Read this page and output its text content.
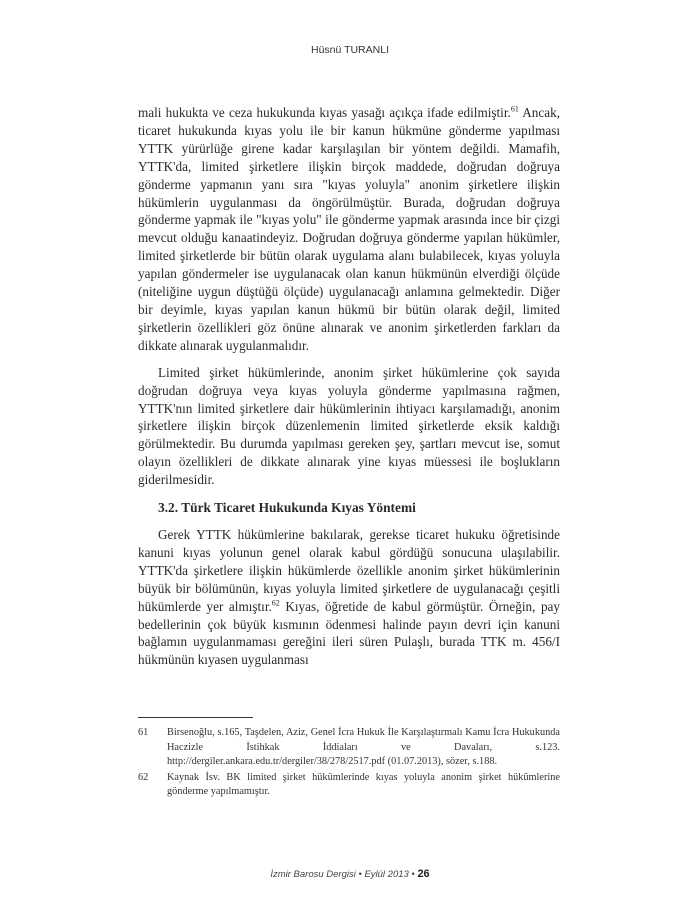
Hüsnü TURANLI

mali hukukta ve ceza hukukunda kıyas yasağı açıkça ifade edilmiştir.$^{61}$ Ancak, ticaret hukukunda kıyas yolu ile bir kanun hükmüne gönderme yapılması YTTK yürürlüğe girene kadar karşılaşılan bir yöntem değildi. Mamafih, YTTK'da, limited şirketlere ilişkin birçok maddede, doğrudan doğruya gönderme yapmanın yanı sıra "kıyas yoluyla" anonim şirketlere ilişkin hükümlerin uygulanması da öngörülmüştür. Burada, doğrudan doğruya gönderme yapmak ile "kıyas yolu" ile gönderme yapmak arasında ince bir çizgi mevcut olduğu kanaatindeyiz. Doğrudan doğruya gönderme yapılan hükümler, limited şirketlerde bir bütün olarak uygulama alanı bulabilecek, kıyas yoluyla yapılan göndermeler ise uygulanacak olan kanun hükmünün elverdiği ölçüde (niteliğine uygun düştüğü ölçüde) uygulanacağı anlamına gelmektedir. Diğer bir deyimle, kıyas yapılan kanun hükmü bir bütün olarak değil, limited şirketlerin özellikleri göz önüne alınarak ve anonim şirketlerden farkları da dikkate alınarak uygulanmalıdır.

Limited şirket hükümlerinde, anonim şirket hükümlerine çok sayıda doğrudan doğruya veya kıyas yoluyla gönderme yapılmasına rağmen, YTTK'nın limited şirketlere dair hükümlerinin ihtiyacı karşılamadığı, anonim şirketlere ilişkin birçok düzenlemenin limited şirketlerde eksik kaldığı görülmektedir. Bu durumda yapılması gereken şey, şartları mevcut ise, somut olayın özellikleri de dikkate alınarak yine kıyas müessesi ile boşlukların giderilmesidir.

3.2. Türk Ticaret Hukukunda Kıyas Yöntemi

Gerek YTTK hükümlerine bakılarak, gerekse ticaret hukuku öğretisinde kanuni kıyas yolunun genel olarak kabul gördüğü sonucuna ulaşılabilir. YTTK'da şirketlere ilişkin hükümlerde özellikle anonim şirket hükümlerinin büyük bir bölümünün, kıyas yoluyla limited şirketlere de uygulanacağı çeşitli hükümlerde yer almıştır.$^{62}$ Kıyas, öğretide de kabul görmüştür. Örneğin, pay bedellerinin çok büyük kısmının ödenmesi halinde payın devri için kanuni bağlamın uygulanmaması gereğini ileri süren Pulaşlı, burada TTK m. 456/I hükmünün kıyasen uygulanması

61	Birsenoğlu, s.165, Taşdelen, Aziz, Genel İcra Hukuk İle Karşılaştırmalı Kamu İcra Hukukunda Haczizle İstihkak İddiaları ve Davaları, s.123. http://dergiler.ankara.edu.tr/dergiler/38/278/2517.pdf (01.07.2013), sözer, s.188.
62	Kaynak İsv. BK limited şirket hükümlerinde kıyas yoluyla anonim şirket hükümlerine gönderme yapılmamıştır.
İzmir Barosu Dergisi • Eylül 2013 • 26
